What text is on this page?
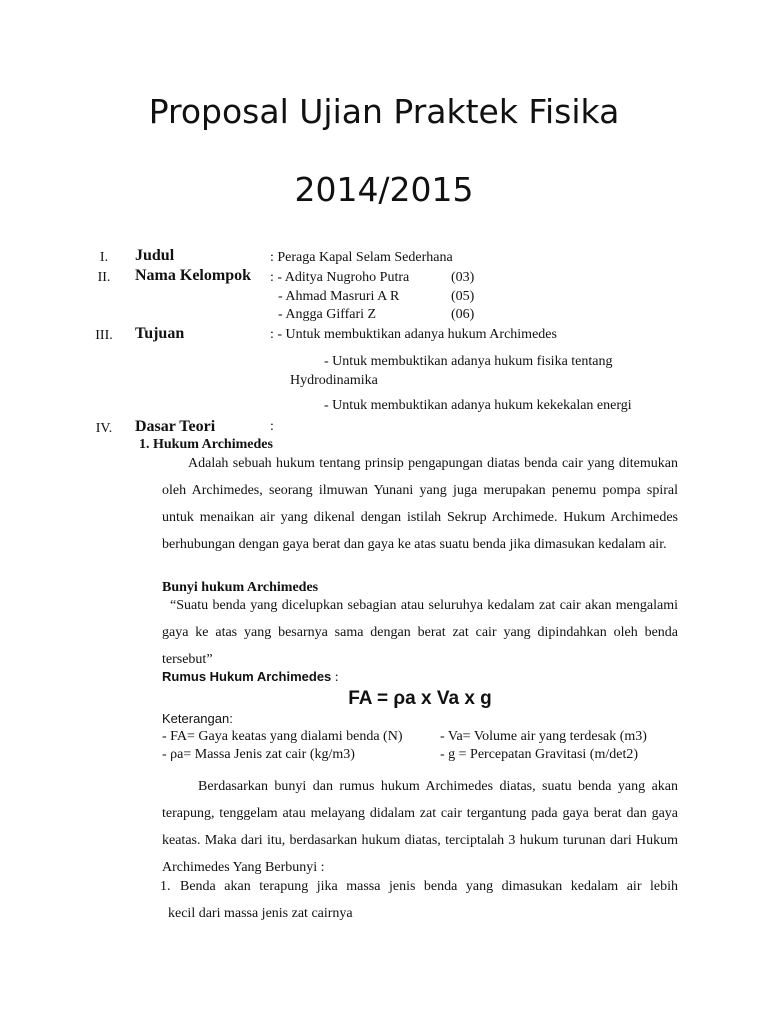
Proposal Ujian Praktek Fisika
2014/2015
I.	Judul	: Peraga Kapal Selam Sederhana
II.	Nama Kelompok : - Aditya Nugroho Putra	(03)
- Ahmad Masruri A R	(05)
- Angga Giffari Z	(06)
III.	Tujuan	: - Untuk membuktikan adanya hukum Archimedes
- Untuk membuktikan adanya hukum fisika tentang
Hydrodinamika
- Untuk membuktikan adanya hukum kekekalan energi
IV.	Dasar Teori	:
1. Hukum Archimedes
Adalah sebuah hukum tentang prinsip pengapungan diatas benda cair yang ditemukan oleh Archimedes, seorang ilmuwan Yunani yang juga merupakan penemu pompa spiral untuk menaikan air yang dikenal dengan istilah Sekrup Archimede. Hukum Archimedes berhubungan dengan gaya berat dan gaya ke atas suatu benda jika dimasukan kedalam air.
Bunyi hukum Archimedes
“Suatu benda yang dicelupkan sebagian atau seluruhya kedalam zat cair akan mengalami gaya ke atas yang besarnya sama dengan berat zat cair yang dipindahkan oleh benda tersebut”
Rumus Hukum Archimedes :
FA = ρa x Va x g
Keterangan:
- FA= Gaya keatas yang dialami benda (N)	- Va= Volume air yang terdesak (m3)
- ρa= Massa Jenis zat cair (kg/m3)	- g = Percepatan Gravitasi (m/det2)
Berdasarkan bunyi dan rumus hukum Archimedes diatas, suatu benda yang akan terapung, tenggelam atau melayang didalam zat cair tergantung pada gaya berat dan gaya keatas. Maka dari itu, berdasarkan hukum diatas, terciptalah 3 hukum turunan dari Hukum Archimedes Yang Berbunyi :
1. Benda akan terapung jika massa jenis benda yang dimasukan kedalam air lebih
kecil dari massa jenis zat cairnya
